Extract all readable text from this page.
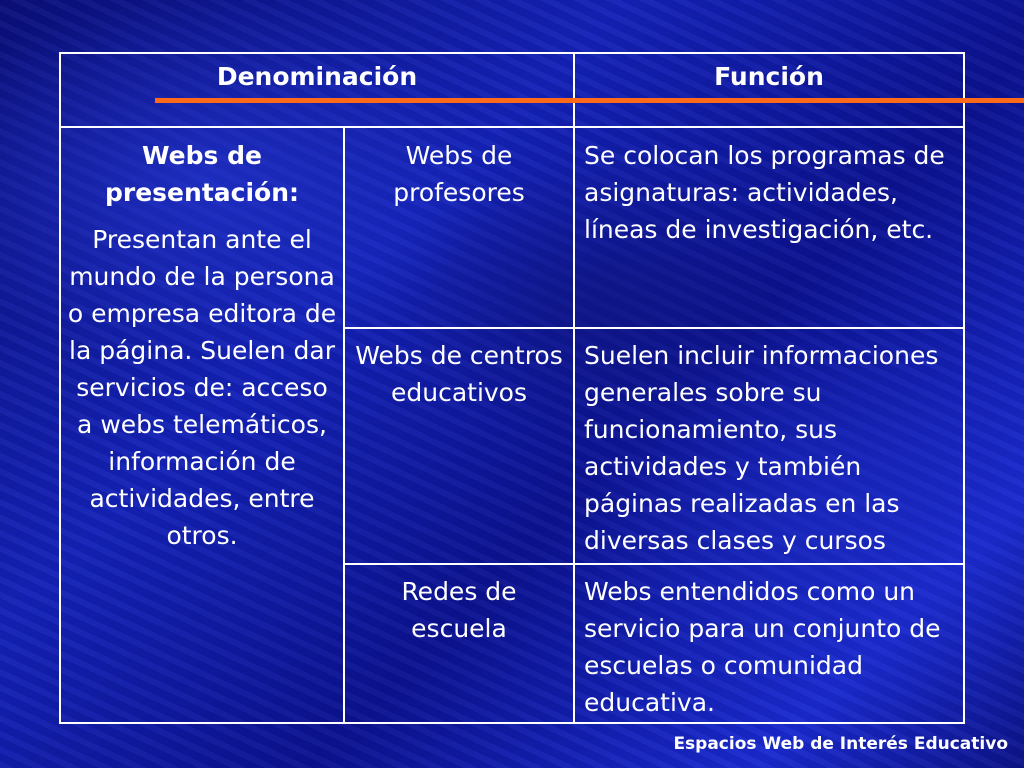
Denominación	Función
Webs de presentación:
Presentan ante el mundo de la persona o empresa editora de la página. Suelen dar servicios de: acceso a webs telemáticos, información de actividades, entre otros.
Webs de profesores
Se colocan los programas de asignaturas: actividades, líneas de investigación, etc.
Webs de centros educativos
Suelen incluir informaciones generales sobre su funcionamiento, sus actividades y también páginas realizadas en las diversas clases y cursos
Redes de escuela
Webs entendidos como un servicio para un conjunto de escuelas o comunidad educativa.
Espacios Web de Interés Educativo
